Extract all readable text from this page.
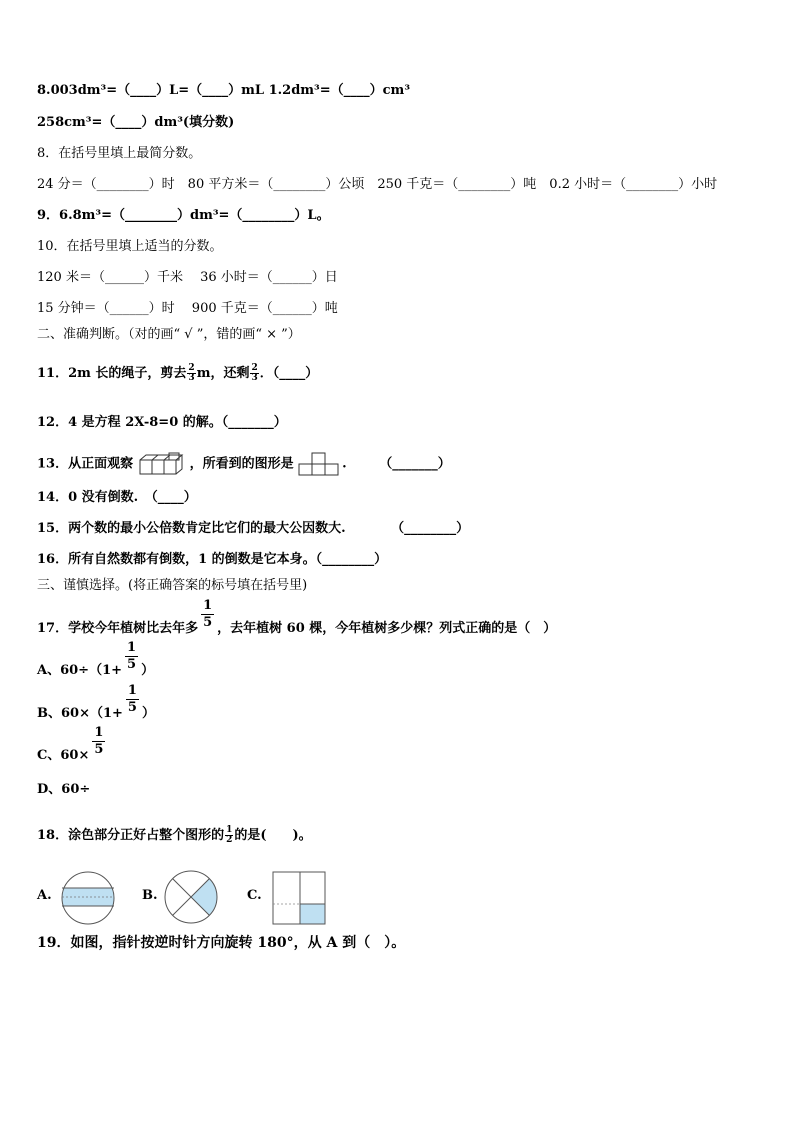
8.003dm³=（____）L=（____）mL 1.2dm³=（____）cm³
258cm³=（____）dm³(填分数)
8．在括号里填上最简分数。
24 分＝（________）时　80 平方米＝（________）公顷　250 千克＝（________）吨　0.2 小时＝（________）小时
9．6.8m³=（________）dm³=（________）L。
10．在括号里填上适当的分数。
120 米＝（______）千米　 36 小时＝（______）日
15 分钟＝（______）时　 900 千克＝（______）吨
二、准确判断。（对的画“ √ ”，错的画“ × ”）
11．2m 长的绳子，剪去 $\frac{2}{3}$ m，还剩 $\frac{2}{3}$ ．（____）
12．4 是方程 2X-8=0 的解。（_______）
13．从正面观察	，所看到的图形是	.　　　（_______）
14．0 没有倒数.　（____）
15．两个数的最小公倍数肯定比它们的最大公因数大.　　　　（________）
16．所有自然数都有倒数，1 的倒数是它本身。（________）
三、谨慎选择。(将正确答案的标号填在括号里)
17．学校今年植树比去年多 $\frac{1}{5}$ ，去年植树 60 棵，今年植树多少棵？列式正确的是（　）
A、$60\div(1+ \frac{1}{5}$ ）
B、$60\times(1+ \frac{1}{5}$ ）
C、$60\times \frac{1}{5}$
D、60÷
18．涂色部分正好占整个图形的 $\frac{1}{2}$ 的是(　　)。
A.	B.	C.
19．如图，指针按逆时针方向旋转 180°，从 A 到（　）。
